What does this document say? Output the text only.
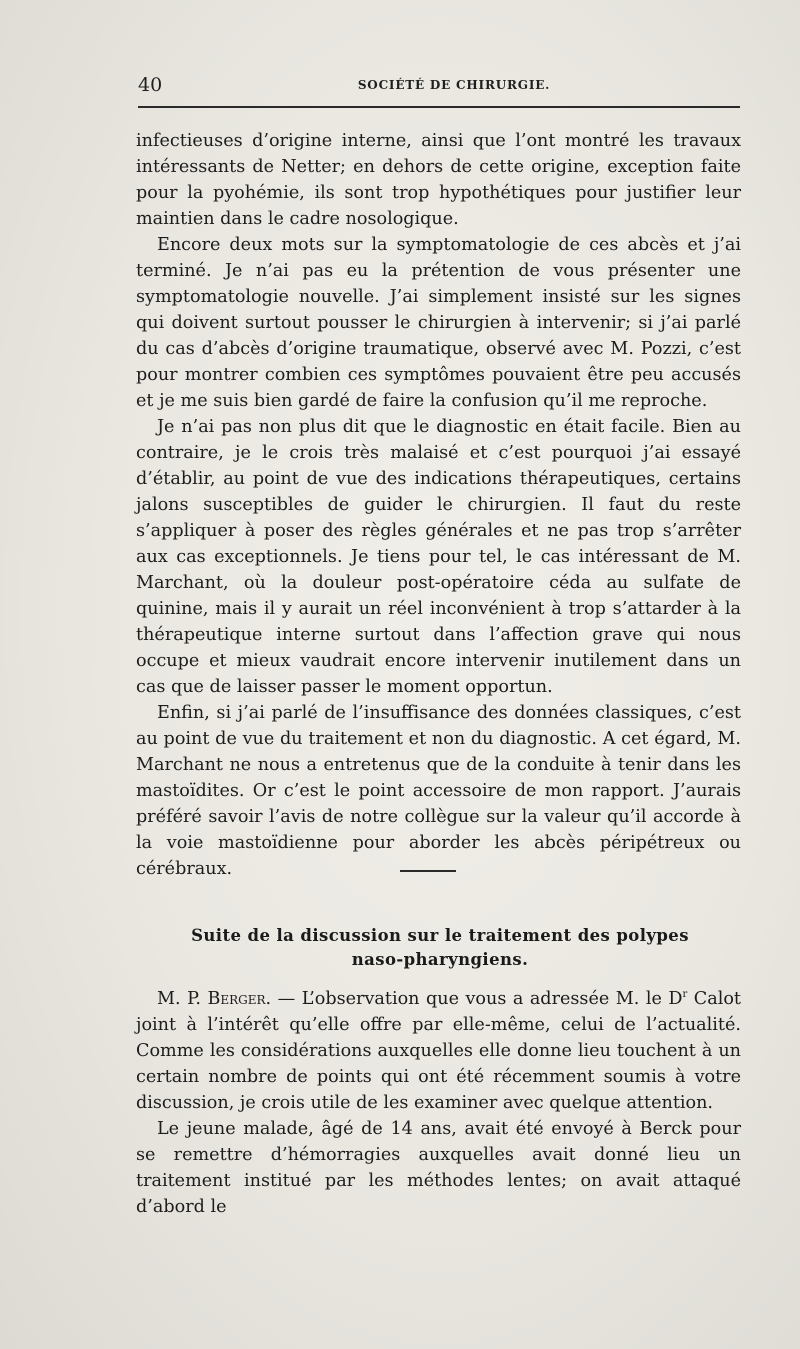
40	SOCIÉTÉ DE CHIRURGIE.

infectieuses d’origine interne, ainsi que l’ont montré les travaux intéressants de Netter; en dehors de cette origine, exception faite pour la pyohémie, ils sont trop hypothétiques pour justifier leur maintien dans le cadre nosologique.

Encore deux mots sur la symptomatologie de ces abcès et j’ai terminé. Je n’ai pas eu la prétention de vous présenter une symptomatologie nouvelle. J’ai simplement insisté sur les signes qui doivent surtout pousser le chirurgien à intervenir; si j’ai parlé du cas d’abcès d’origine traumatique, observé avec M. Pozzi, c’est pour montrer combien ces symptômes pouvaient être peu accusés et je me suis bien gardé de faire la confusion qu’il me reproche.

Je n’ai pas non plus dit que le diagnostic en était facile. Bien au contraire, je le crois très malaisé et c’est pourquoi j’ai essayé d’établir, au point de vue des indications thérapeutiques, certains jalons susceptibles de guider le chirurgien. Il faut du reste s’appliquer à poser des règles générales et ne pas trop s’arrêter aux cas exceptionnels. Je tiens pour tel, le cas intéressant de M. Marchant, où la douleur post-opératoire céda au sulfate de quinine, mais il y aurait un réel inconvénient à trop s’attarder à la thérapeutique interne surtout dans l’affection grave qui nous occupe et mieux vaudrait encore intervenir inutilement dans un cas que de laisser passer le moment opportun.

Enfin, si j’ai parlé de l’insuffisance des données classiques, c’est au point de vue du traitement et non du diagnostic. A cet égard, M. Marchant ne nous a entretenus que de la conduite à tenir dans les mastoïdites. Or c’est le point accessoire de mon rapport. J’aurais préféré savoir l’avis de notre collègue sur la valeur qu’il accorde à la voie mastoïdienne pour aborder les abcès péripétreux ou cérébraux.

Suite de la discussion sur le traitement des polypes
naso-pharyngiens.

M. P. Berger. — L’observation que vous a adressée M. le $D^r$ Calot joint à l’intérêt qu’elle offre par elle-même, celui de l’actualité. Comme les considérations auxquelles elle donne lieu touchent à un certain nombre de points qui ont été récemment soumis à votre discussion, je crois utile de les examiner avec quelque attention.

Le jeune malade, âgé de 14 ans, avait été envoyé à Berck pour se remettre d’hémorragies auxquelles avait donné lieu un traitement institué par les méthodes lentes; on avait attaqué d’abord le
